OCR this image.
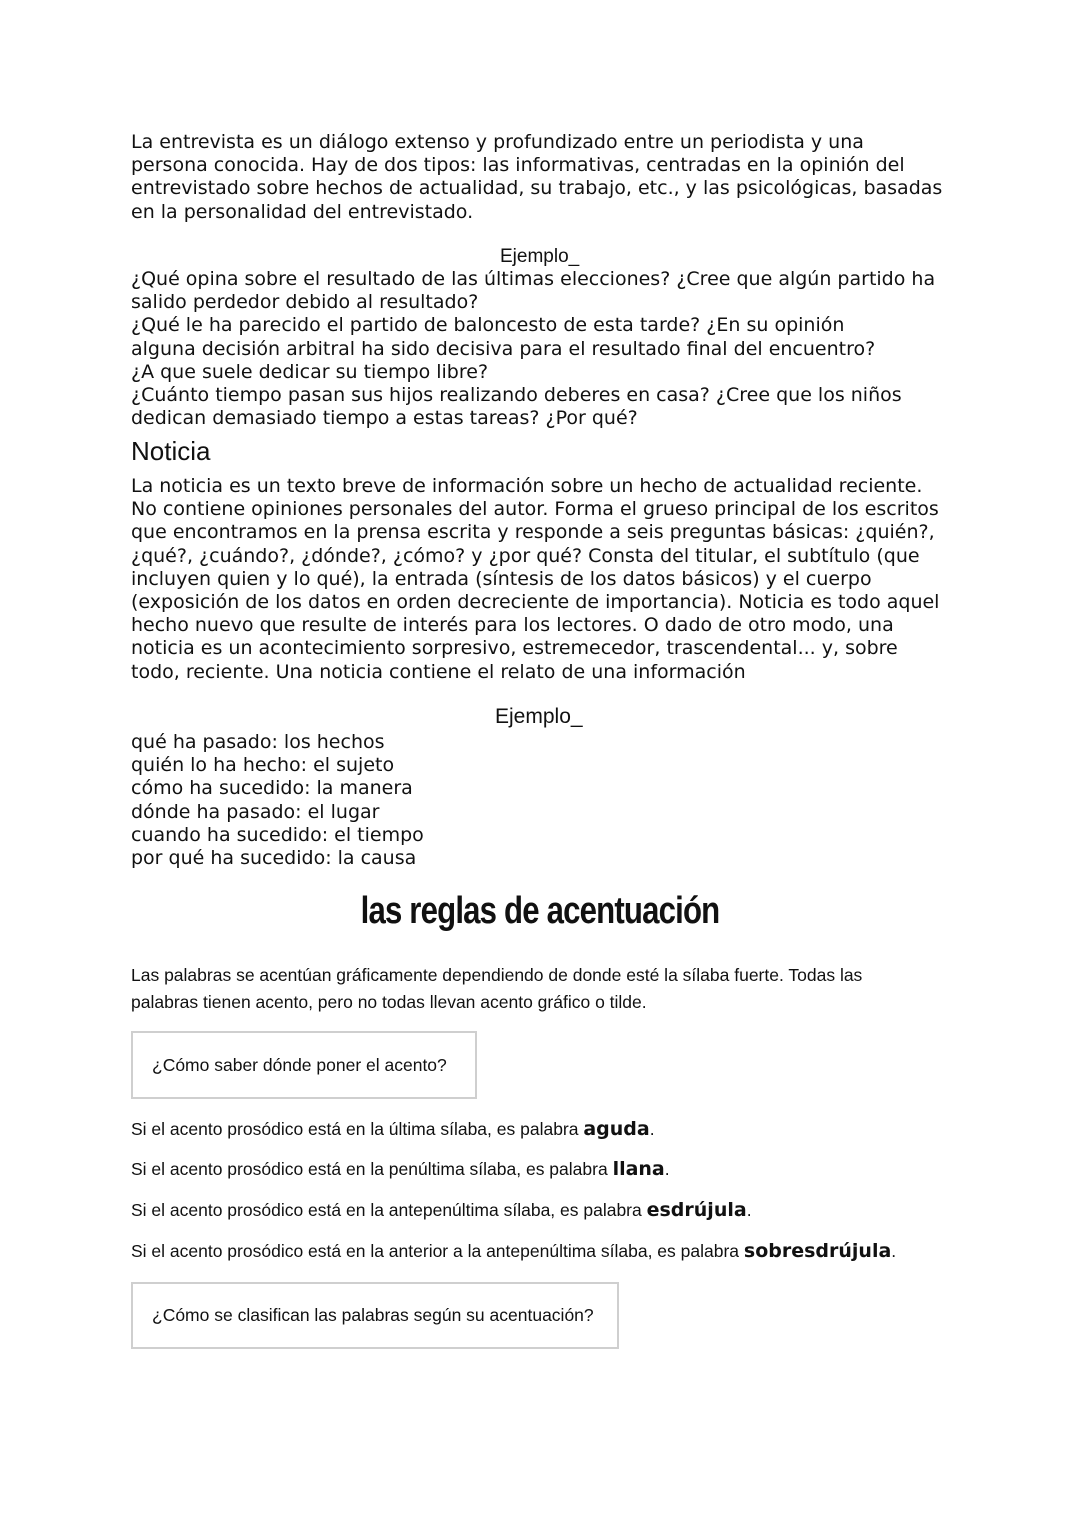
La entrevista es un diálogo extenso y profundizado entre un periodista y una

persona conocida. Hay de dos tipos: las informativas, centradas en la opinión del

entrevistado sobre hechos de actualidad, su trabajo, etc., y las psicológicas, basadas

en la personalidad del entrevistado.

Ejemplo_

¿Qué opina sobre el resultado de las últimas elecciones? ¿Cree que algún partido ha

salido perdedor debido al resultado?

¿Qué le ha parecido el partido de baloncesto de esta tarde? ¿En su opinión

alguna decisión arbitral ha sido decisiva para el resultado final del encuentro?

¿A que suele dedicar su tiempo libre?

¿Cuánto tiempo pasan sus hijos realizando deberes en casa? ¿Cree que los niños

dedican demasiado tiempo a estas tareas? ¿Por qué?

Noticia

La noticia es un texto breve de información sobre un hecho de actualidad reciente.

No contiene opiniones personales del autor. Forma el grueso principal de los escritos

que encontramos en la prensa escrita y responde a seis preguntas básicas: ¿quién?,

¿qué?, ¿cuándo?, ¿dónde?, ¿cómo? y ¿por qué? Consta del titular, el subtítulo (que

incluyen quien y lo qué), la entrada (síntesis de los datos básicos) y el cuerpo

(exposición de los datos en orden decreciente de importancia). Noticia es todo aquel

hecho nuevo que resulte de interés para los lectores. O dado de otro modo, una

noticia es un acontecimiento sorpresivo, estremecedor, trascendental... y, sobre

todo, reciente. Una noticia contiene el relato de una información

Ejemplo_

qué ha pasado: los hechos

quién lo ha hecho: el sujeto

cómo ha sucedido: la manera

dónde ha pasado: el lugar

cuando ha sucedido: el tiempo

por qué ha sucedido: la causa

las reglas de acentuación

Las palabras se acentúan gráficamente dependiendo de donde esté la sílaba fuerte. Todas las

palabras tienen acento, pero no todas llevan acento gráfico o tilde.

¿Cómo saber dónde poner el acento?
Si el acento prosódico está en la última sílaba, es palabra aguda.
Si el acento prosódico está en la penúltima sílaba, es palabra llana.
Si el acento prosódico está en la antepenúltima sílaba, es palabra esdrújula.
Si el acento prosódico está en la anterior a la antepenúltima sílaba, es palabra sobresdrújula.
¿Cómo se clasifican las palabras según su acentuación?
